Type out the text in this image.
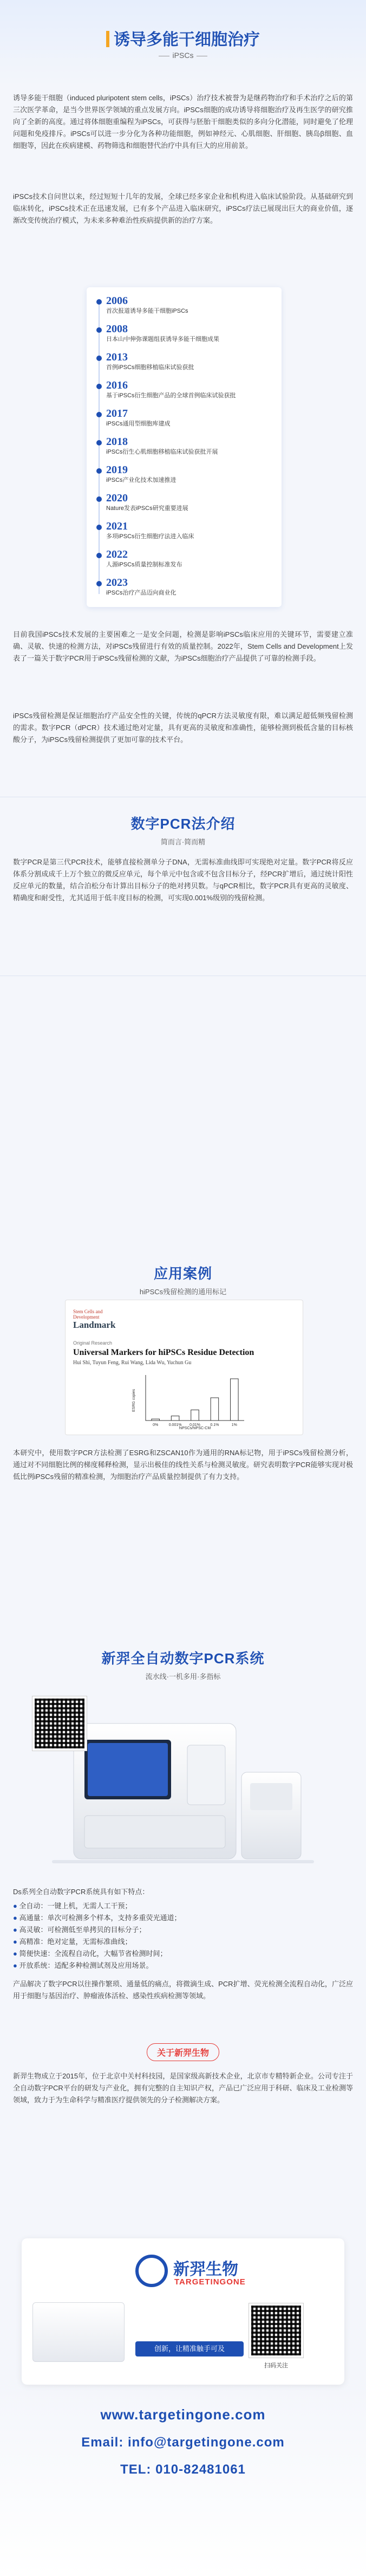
诱导多能干细胞治疗
iPSCs
诱导多能干细胞（induced pluripotent stem cells，iPSCs）治疗技术被誉为是继药物治疗和手术治疗之后的第三次医学革命，是当今世界医学领域的重点发展方向。iPSCs细胞的成功诱导将细胞治疗及再生医学的研究推向了全新的高度。通过将体细胞重编程为iPSCs，可获得与胚胎干细胞类似的多向分化潜能，同时避免了伦理问题和免疫排斥。iPSCs可以进一步分化为各种功能细胞，例如神经元、心肌细胞、肝细胞、胰岛β细胞、血细胞等，因此在疾病建模、药物筛选和细胞替代治疗中具有巨大的应用前景。
iPSCs技术自问世以来，经过短短十几年的发展，全球已经多家企业和机构进入临床试验阶段。从基础研究到临床转化，iPSCs技术正在迅速发展，已有多个产品进入临床研究，iPSCs疗法已展现出巨大的商业价值，逐渐改变传统治疗模式，为未来多种难治性疾病提供新的治疗方案。
2006
首次报道诱导多能干细胞iPSCs
2008
日本山中伸弥课题组获诱导多能干细胞成果
2013
首例iPSCs细胞移植临床试验获批
2016
基于iPSCs衍生细胞产品的全球首例临床试验获批
2017
iPSCs通用型细胞库建成
2018
iPSCs衍生心肌细胞移植临床试验获批开展
2019
iPSCs产业化技术加速推进
2020
Nature发表iPSCs研究重要进展
2021
多项iPSCs衍生细胞疗法进入临床
2022
人源iPSCs质量控制标准发布
2023
iPSCs治疗产品迈向商业化
目前我国iPSCs技术发展的主要困难之一是安全问题，检测是影响iPSCs临床应用的关键环节，需要建立准确、灵敏、快速的检测方法，对iPSCs残留进行有效的质量控制。2022年，Stem Cells and Development上发表了一篇关于数字PCR用于iPSCs残留检测的文献，为iPSCs细胞治疗产品提供了可靠的检测手段。
iPSCs残留检测是保证细胞治疗产品安全性的关键，传统的qPCR方法灵敏度有限，难以满足超低频残留检测的需求。数字PCR（dPCR）技术通过绝对定量，具有更高的灵敏度和准确性，能够检测到极低含量的目标核酸分子，为iPSCs残留检测提供了更加可靠的技术平台。
数字PCR法介绍
简而言·简而精
数字PCR是第三代PCR技术，能够直接检测单分子DNA，无需标准曲线即可实现绝对定量。数字PCR将反应体系分割成成千上万个独立的微反应单元，每个单元中包含或不包含目标分子，经PCR扩增后，通过统计阳性反应单元的数量，结合泊松分布计算出目标分子的绝对拷贝数。与qPCR相比，数字PCR具有更高的灵敏度、精确度和耐受性，尤其适用于低丰度目标的检测，可实现0.001%级别的残留检测。
应用案例
hiPSCs残留检测的通用标记
Stem Cells and Development
Landmark
Original Research
Universal Markers for hiPSCs Residue Detection
Hui Shi, Tuyun Feng, Rui Wang, Lida Wu, Yuchun Gu
0%	0.001% 0.01%	0.1%	1%
ESRG copies
hiPSCs/hiPSC-CM
本研究中，使用数字PCR方法检测了ESRG和ZSCAN10作为通用的RNA标记物，用于iPSCs残留检测分析，通过对不同细胞比例的梯度稀释检测，显示出极佳的线性关系与检测灵敏度。研究表明数字PCR能够实现对极低比例iPSCs残留的精准检测，为细胞治疗产品质量控制提供了有力支持。
新羿全自动数字PCR系统
流水线·一机多用·多指标
Ds系列全自动数字PCR系统具有如下特点：
● 全自动：一键上机，无需人工干预；
● 高通量：单次可检测多个样本，支持多重荧光通道；
● 高灵敏：可检测低至单拷贝的目标分子；
● 高精准：绝对定量，无需标准曲线；
● 简便快速：全流程自动化，大幅节省检测时间；
● 开放系统：适配多种检测试剂及应用场景。
产品解决了数字PCR以往操作繁琐、通量低的痛点，将微滴生成、PCR扩增、荧光检测全流程自动化，广泛应用于细胞与基因治疗、肿瘤液体活检、感染性疾病检测等领域。
关于新羿生物
新羿生物成立于2015年，位于北京中关村科技园，是国家级高新技术企业，北京市专精特新企业。公司专注于全自动数字PCR平台的研发与产业化，拥有完整的自主知识产权，产品已广泛应用于科研、临床及工业检测等领域，致力于为生命科学与精准医疗提供领先的分子检测解决方案。
新羿生物
TARGETINGONE
创新，让精准触手可及
扫码关注
www.targetingone.com
Email: info@targetingone.com
TEL: 010-82481061
